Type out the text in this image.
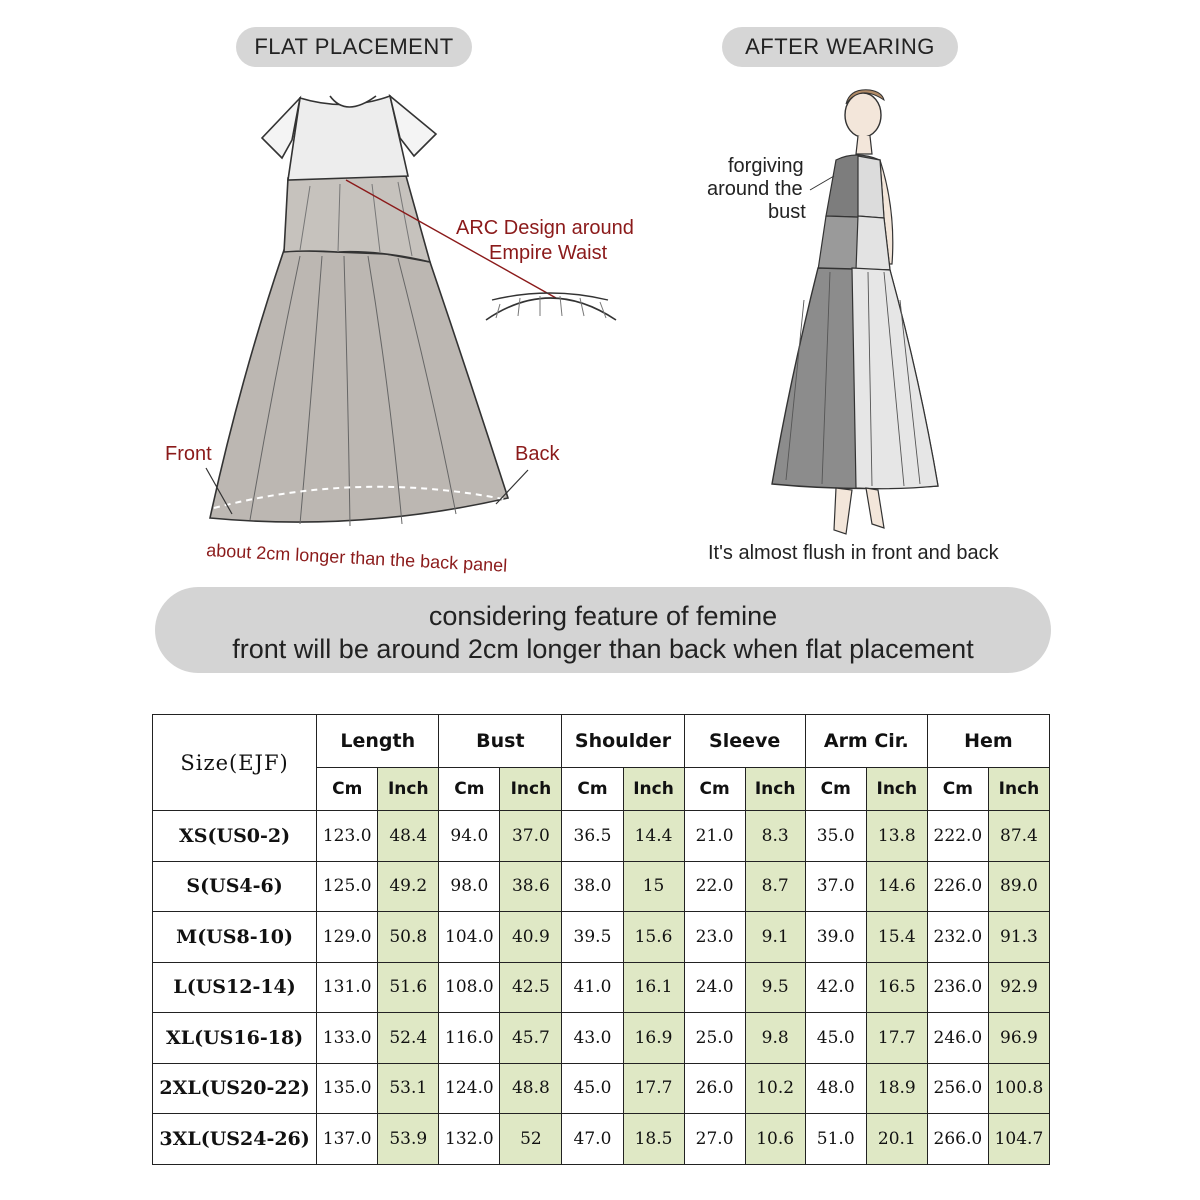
FLAT PLACEMENT	AFTER WEARING
ARC Design around
Empire Waist
Front	Back
about 2cm longer than the back panel
forgiving
around the
bust
It's almost flush in front and back
considering feature of femine
front will be around 2cm longer than back when flat placement
Size(EJF)	Length		Bust		Shoulder		Sleeve		Arm Cir.		Hem	
	Cm	Inch	Cm	Inch	Cm	Inch	Cm	Inch	Cm	Inch	Cm	Inch
XS(US0-2)	123.0	48.4	94.0	37.0	36.5	14.4	21.0	8.3	35.0	13.8	222.0	87.4
S(US4-6)	125.0	49.2	98.0	38.6	38.0	15	22.0	8.7	37.0	14.6	226.0	89.0
M(US8-10)	129.0	50.8	104.0	40.9	39.5	15.6	23.0	9.1	39.0	15.4	232.0	91.3
L(US12-14)	131.0	51.6	108.0	42.5	41.0	16.1	24.0	9.5	42.0	16.5	236.0	92.9
XL(US16-18)	133.0	52.4	116.0	45.7	43.0	16.9	25.0	9.8	45.0	17.7	246.0	96.9
2XL(US20-22)	135.0	53.1	124.0	48.8	45.0	17.7	26.0	10.2	48.0	18.9	256.0	100.8
3XL(US24-26)	137.0	53.9	132.0	52	47.0	18.5	27.0	10.6	51.0	20.1	266.0	104.7
